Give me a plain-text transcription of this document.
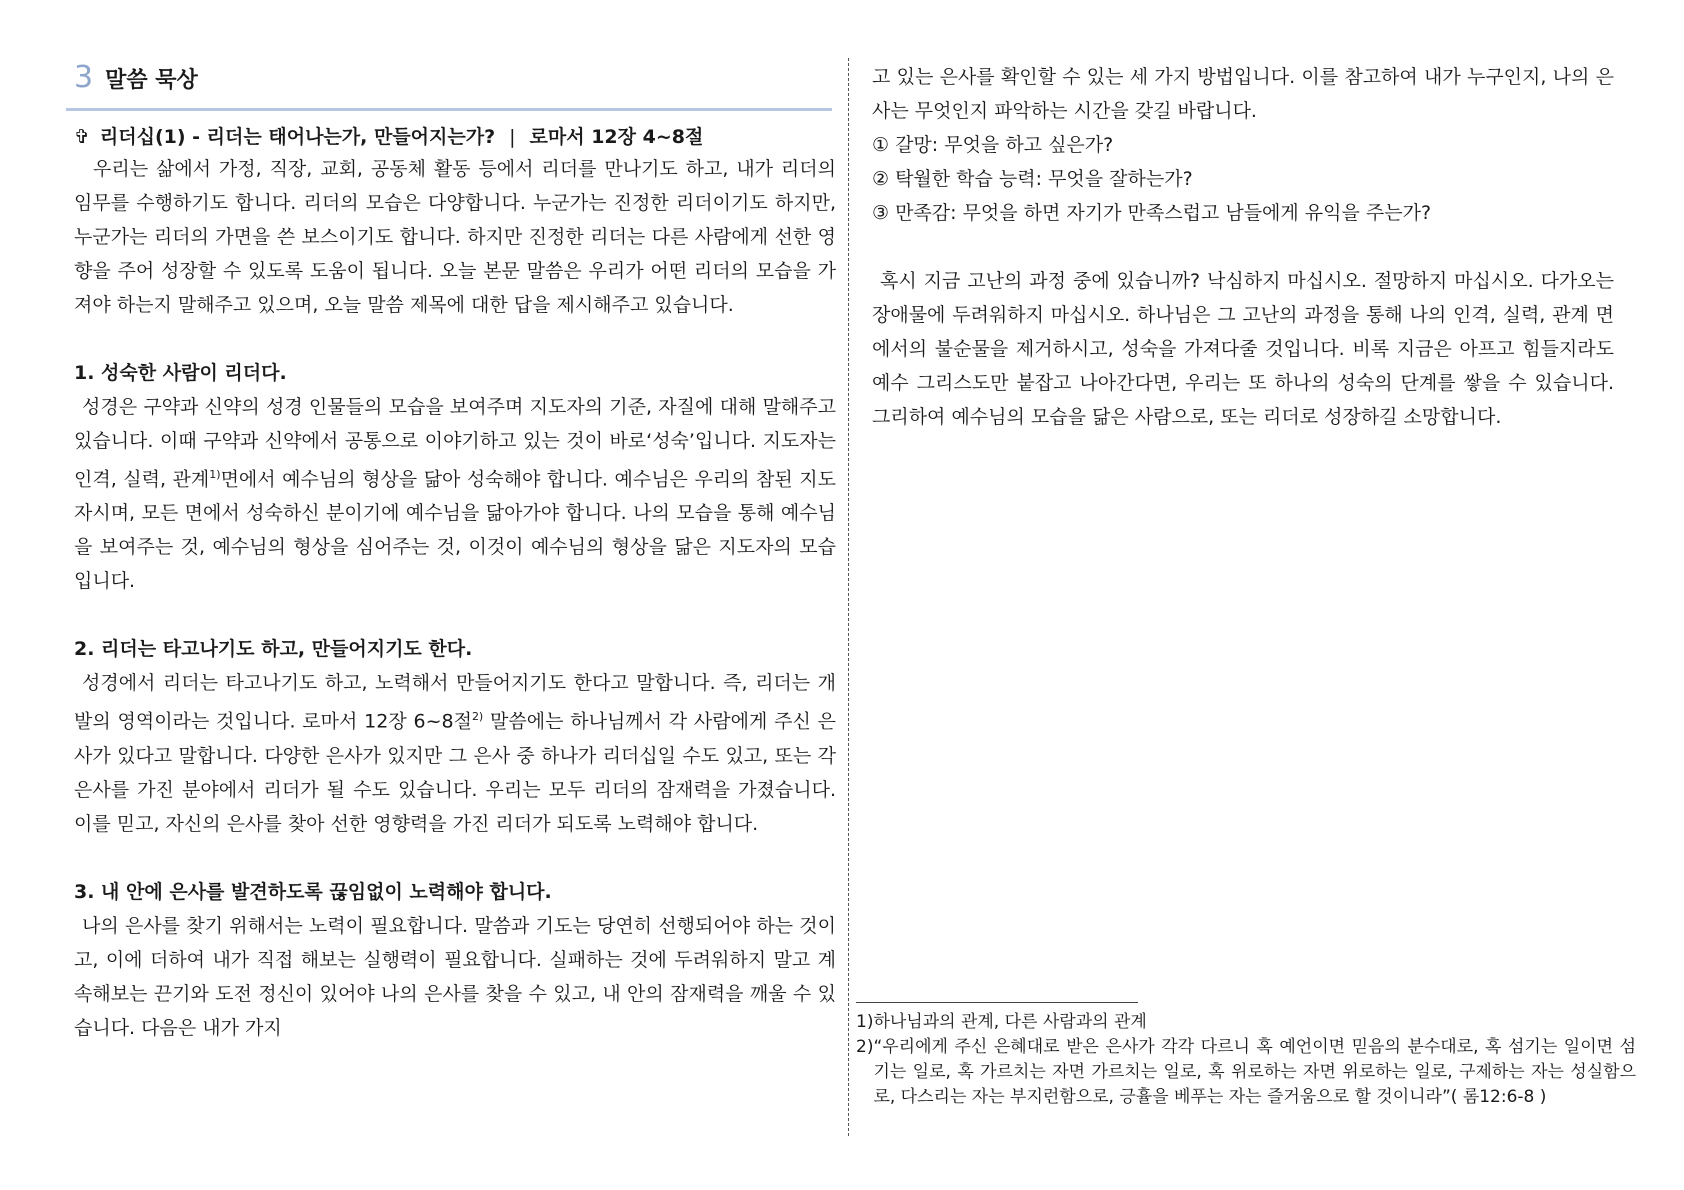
3 말씀 묵상
✞ 리더십(1) - 리더는 태어나는가, 만들어지는가? | 로마서 12장 4~8절

우리는 삶에서 가정, 직장, 교회, 공동체 활동 등에서 리더를 만나기도 하고, 내가 리더의 임무를 수행하기도 합니다. 리더의 모습은 다양합니다. 누군가는 진정한 리더이기도 하지만, 누군가는 리더의 가면을 쓴 보스이기도 합니다. 하지만 진정한 리더는 다른 사람에게 선한 영향을 주어 성장할 수 있도록 도움이 됩니다. 오늘 본문 말씀은 우리가 어떤 리더의 모습을 가져야 하는지 말해주고 있으며, 오늘 말씀 제목에 대한 답을 제시해주고 있습니다.

1. 성숙한 사람이 리더다.

성경은 구약과 신약의 성경 인물들의 모습을 보여주며 지도자의 기준, 자질에 대해 말해주고 있습니다. 이때 구약과 신약에서 공통으로 이야기하고 있는 것이 바로‘성숙’입니다. 지도자는 인격, 실력, 관계$^{1)}$면에서 예수님의 형상을 닮아 성숙해야 합니다. 예수님은 우리의 참된 지도자시며, 모든 면에서 성숙하신 분이기에 예수님을 닮아가야 합니다. 나의 모습을 통해 예수님을 보여주는 것, 예수님의 형상을 심어주는 것, 이것이 예수님의 형상을 닮은 지도자의 모습입니다.

2. 리더는 타고나기도 하고, 만들어지기도 한다.

성경에서 리더는 타고나기도 하고, 노력해서 만들어지기도 한다고 말합니다. 즉, 리더는 개발의 영역이라는 것입니다. 로마서 12장 6~8절$^{2)}$ 말씀에는 하나님께서 각 사람에게 주신 은사가 있다고 말합니다. 다양한 은사가 있지만 그 은사 중 하나가 리더십일 수도 있고, 또는 각 은사를 가진 분야에서 리더가 될 수도 있습니다. 우리는 모두 리더의 잠재력을 가졌습니다. 이를 믿고, 자신의 은사를 찾아 선한 영향력을 가진 리더가 되도록 노력해야 합니다.

3. 내 안에 은사를 발견하도록 끊임없이 노력해야 합니다.

나의 은사를 찾기 위해서는 노력이 필요합니다. 말씀과 기도는 당연히 선행되어야 하는 것이고, 이에 더하여 내가 직접 해보는 실행력이 필요합니다. 실패하는 것에 두려워하지 말고 계속해보는 끈기와 도전 정신이 있어야 나의 은사를 찾을 수 있고, 내 안의 잠재력을 깨울 수 있습니다. 다음은 내가 가지

고 있는 은사를 확인할 수 있는 세 가지 방법입니다. 이를 참고하여 내가 누구인지, 나의 은사는 무엇인지 파악하는 시간을 갖길 바랍니다.

① 갈망: 무엇을 하고 싶은가?
② 탁월한 학습 능력: 무엇을 잘하는가?
③ 만족감: 무엇을 하면 자기가 만족스럽고 남들에게 유익을 주는가?

혹시 지금 고난의 과정 중에 있습니까? 낙심하지 마십시오. 절망하지 마십시오. 다가오는 장애물에 두려워하지 마십시오. 하나님은 그 고난의 과정을 통해 나의 인격, 실력, 관계 면에서의 불순물을 제거하시고, 성숙을 가져다줄 것입니다. 비록 지금은 아프고 힘들지라도 예수 그리스도만 붙잡고 나아간다면, 우리는 또 하나의 성숙의 단계를 쌓을 수 있습니다. 그리하여 예수님의 모습을 닮은 사람으로, 또는 리더로 성장하길 소망합니다.

1) 하나님과의 관계, 다른 사람과의 관계
2) “우리에게 주신 은혜대로 받은 은사가 각각 다르니 혹 예언이면 믿음의 분수대로, 혹 섬기는 일이면 섬기는 일로, 혹 가르치는 자면 가르치는 일로, 혹 위로하는 자면 위로하는 일로, 구제하는 자는 성실함으로, 다스리는 자는 부지런함으로, 긍휼을 베푸는 자는 즐거움으로 할 것이니라”( 롬12:6-8 )
